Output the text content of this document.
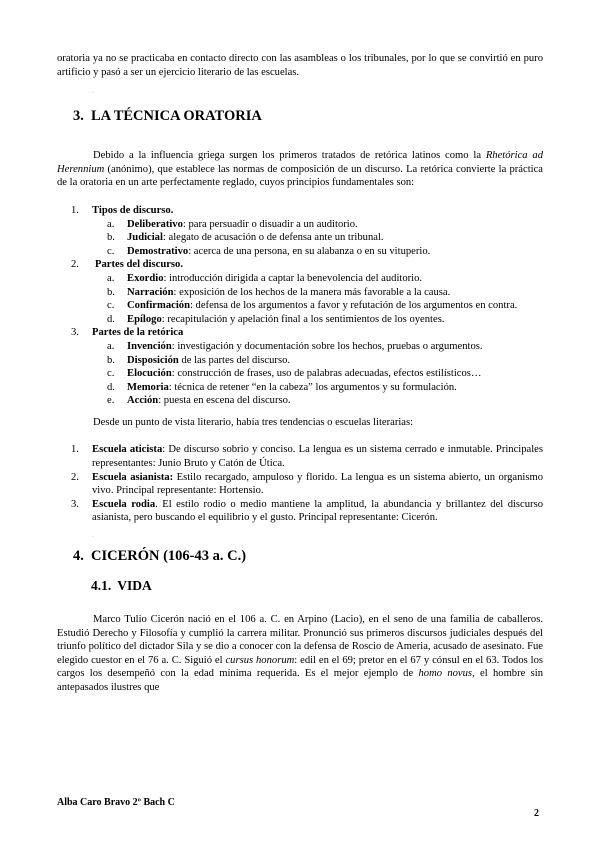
oratoria ya no se practicaba en contacto directo con las asambleas o los tribunales, por lo que se convirtió en puro artificio y pasó a ser un ejercicio literario de las escuelas.

.
3. LA TÉCNICA ORATORIA

Debido a la influencia griega surgen los primeros tratados de retórica latinos como la Rhetórica ad Herennium (anónimo), que establece las normas de composición de un discurso. La retórica convierte la práctica de la oratoria en un arte perfectamente reglado, cuyos principios fundamentales son:

1. Tipos de discurso.
a. Deliberativo: para persuadir o disuadir a un auditorio.
b. Judicial: alegato de acusación o de defensa ante un tribunal.
c. Demostrativo: acerca de una persona, en su alabanza o en su vituperio.
2. Partes del discurso.
a. Exordio: introducción dirigida a captar la benevolencia del auditorio.
b. Narración: exposición de los hechos de la manera más favorable a la causa.
c. Confirmación: defensa de los argumentos a favor y refutación de los argumentos en contra.
d. Epílogo: recapitulación y apelación final a los sentimientos de los oyentes.
3. Partes de la retórica
a. Invención: investigación y documentación sobre los hechos, pruebas o argumentos.
b. Disposición de las partes del discurso.
c. Elocución: construcción de frases, uso de palabras adecuadas, efectos estilísticos…
d. Memoria: técnica de retener “en la cabeza” los argumentos y su formulación.
e. Acción: puesta en escena del discurso.

Desde un punto de vista literario, había tres tendencias o escuelas literarias:

1. Escuela aticista: De discurso sobrio y conciso. La lengua es un sistema cerrado e inmutable. Principales representantes: Junio Bruto y Catón de Útica.
2. Escuela asianista: Estilo recargado, ampuloso y florido. La lengua es un sistema abierto, un organismo vivo. Principal representante: Hortensio.
3. Escuela rodia. El estilo rodio o medio mantiene la amplitud, la abundancia y brillantez del discurso asianista, pero buscando el equilibrio y el gusto. Principal representante: Cicerón.
.
4. CICERÓN (106-43 a. C.)
4.1. VIDA

Marco Tulio Cicerón nació en el 106 a. C. en Arpino (Lacio), en el seno de una familia de caballeros. Estudió Derecho y Filosofía y cumplió la carrera militar. Pronunció sus primeros discursos judiciales después del triunfo político del dictador Sila y se dio a conocer con la defensa de Roscio de Ameria, acusado de asesinato. Fue elegido cuestor en el 76 a. C. Siguió el cursus honorum: edil en el 69; pretor en el 67 y cónsul en el 63. Todos los cargos los desempeñó con la edad mínima requerida. Es el mejor ejemplo de homo novus, el hombre sin antepasados ilustres que

Alba Caro Bravo 2º Bach C
2
